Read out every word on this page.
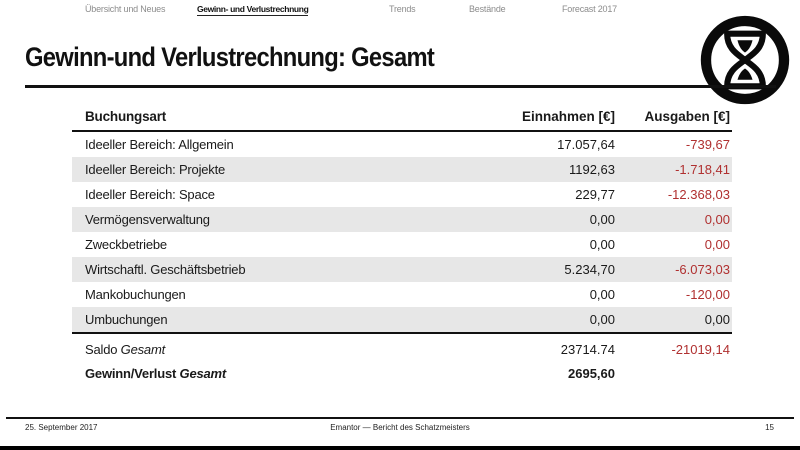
Übersicht und Neues	Gewinn- und Verlustrechnung	Trends	Bestände	Forecast 2017
Gewinn-und Verlustrechnung: Gesamt
Buchungsart	Einnahmen [€]	Ausgaben [€]
Ideeller Bereich: Allgemein	17.057,64	-739,67
Ideeller Bereich: Projekte	1192,63	-1.718,41
Ideeller Bereich: Space	229,77	-12.368,03
Vermögensverwaltung	0,00	0,00
Zweckbetriebe	0,00	0,00
Wirtschaftl. Geschäftsbetrieb	5.234,70	-6.073,03
Mankobuchungen	0,00	-120,00
Umbuchungen	0,00	0,00
Saldo Gesamt	23714.74	-21019,14
Gewinn/Verlust Gesamt	2695,60
25. September 2017	Emantor — Bericht des Schatzmeisters	15
